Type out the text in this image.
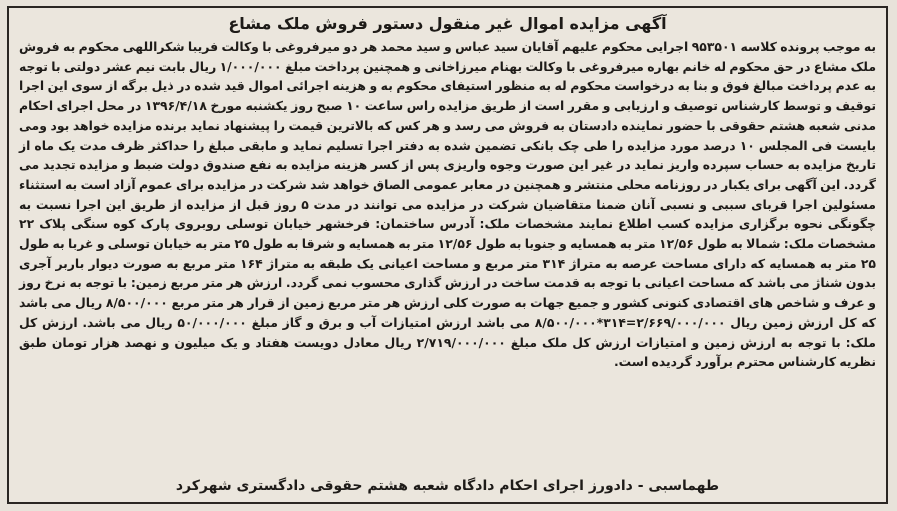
آگهی مزایده اموال غیر منقول دستور فروش ملک مشاع

به موجب پرونده کلاسه ۹۵۳۵۰۱ اجرایی محکوم علیهم آقایان سید عباس و سید محمد هر دو میرفروغی با وکالت فریبا شکراللهی محکوم به فروش ملک مشاع در حق محکوم له خانم بهاره میرفروغی با وکالت بهنام میرزاخانی و همچنین پرداخت مبلغ ۱/۰۰۰/۰۰۰ ریال بابت نیم عشر دولتی با توجه به عدم پرداخت مبالغ فوق و بنا به درخواست محکوم له به منظور استیفای محکوم به و هزینه اجرائی اموال قید شده در ذیل برگه از سوی این اجرا توقیف و توسط کارشناس توصیف و ارزیابی و مقرر است از طریق مزایده راس ساعت ۱۰ صبح روز یکشنبه مورخ ۱۳۹۶/۴/۱۸ در محل اجرای احکام مدنی شعبه هشتم حقوقی با حضور نماینده دادستان به فروش می رسد و هر کس که بالاترین قیمت را پیشنهاد نماید برنده مزایده خواهد بود ومی بایست فی المجلس ۱۰ درصد مورد مزایده را طی چک بانکی تضمین شده به دفتر اجرا تسلیم نماید و مابقی مبلغ را حداکثر ظرف مدت یک ماه از تاریخ مزایده به حساب سپرده واریز نماید در غیر این صورت وجوه واریزی پس از کسر هزینه مزایده به نفع صندوق دولت ضبط و مزایده تجدید می گردد. این آگهی برای یکبار در روزنامه محلی منتشر و همچنین در معابر عمومی الصاق خواهد شد شرکت در مزایده برای عموم آزاد است به استثناء مسئولین اجرا قربای سببی و نسبی آنان ضمنا متقاضیان شرکت در مزایده می توانند در مدت ۵ روز قبل از مزایده از طریق این اجرا نسبت به چگونگی نحوه برگزاری مزایده کسب اطلاع نمایند مشخصات ملک: آدرس ساختمان: فرخشهر خیابان توسلی روبروی پارک کوه سنگی پلاک ۲۲ مشخصات ملک: شمالا به طول ۱۲/۵۶ متر به همسایه و جنوبا به طول ۱۲/۵۶ متر به همسایه و شرقا به طول ۲۵ متر به خیابان توسلی و غربا به طول ۲۵ متر به همسایه که دارای مساحت عرصه به متراژ ۳۱۴ متر مربع و مساحت اعیانی یک طبقه به متراژ ۱۶۴ متر مربع به صورت دیوار باربر آجری بدون شناژ می باشد که مساحت اعیانی با توجه به قدمت ساخت در ارزش گذاری محسوب نمی گردد. ارزش هر متر مربع زمین: با توجه به نرخ روز و عرف و شاخص های اقتصادی کنونی کشور و جمیع جهات به صورت کلی ارزش هر متر مربع زمین از قرار هر متر مربع ۸/۵۰۰/۰۰۰ ریال می باشد که کل ارزش زمین ریال ۲/۶۶۹/۰۰۰/۰۰۰=۳۱۴*۸/۵۰۰/۰۰۰ می باشد ارزش امتیازات آب و برق و گاز مبلغ ۵۰/۰۰۰/۰۰۰ ریال می باشد. ارزش کل ملک: با توجه به ارزش زمین و امتیازات ارزش کل ملک مبلغ ۲/۷۱۹/۰۰۰/۰۰۰ ریال معادل دویست هفتاد و یک میلیون و نهصد هزار تومان طبق نظریه کارشناس محترم برآورد گردیده است.

طهماسبی - دادورز اجرای احکام دادگاه شعبه هشتم حقوقی دادگستری شهرکرد
